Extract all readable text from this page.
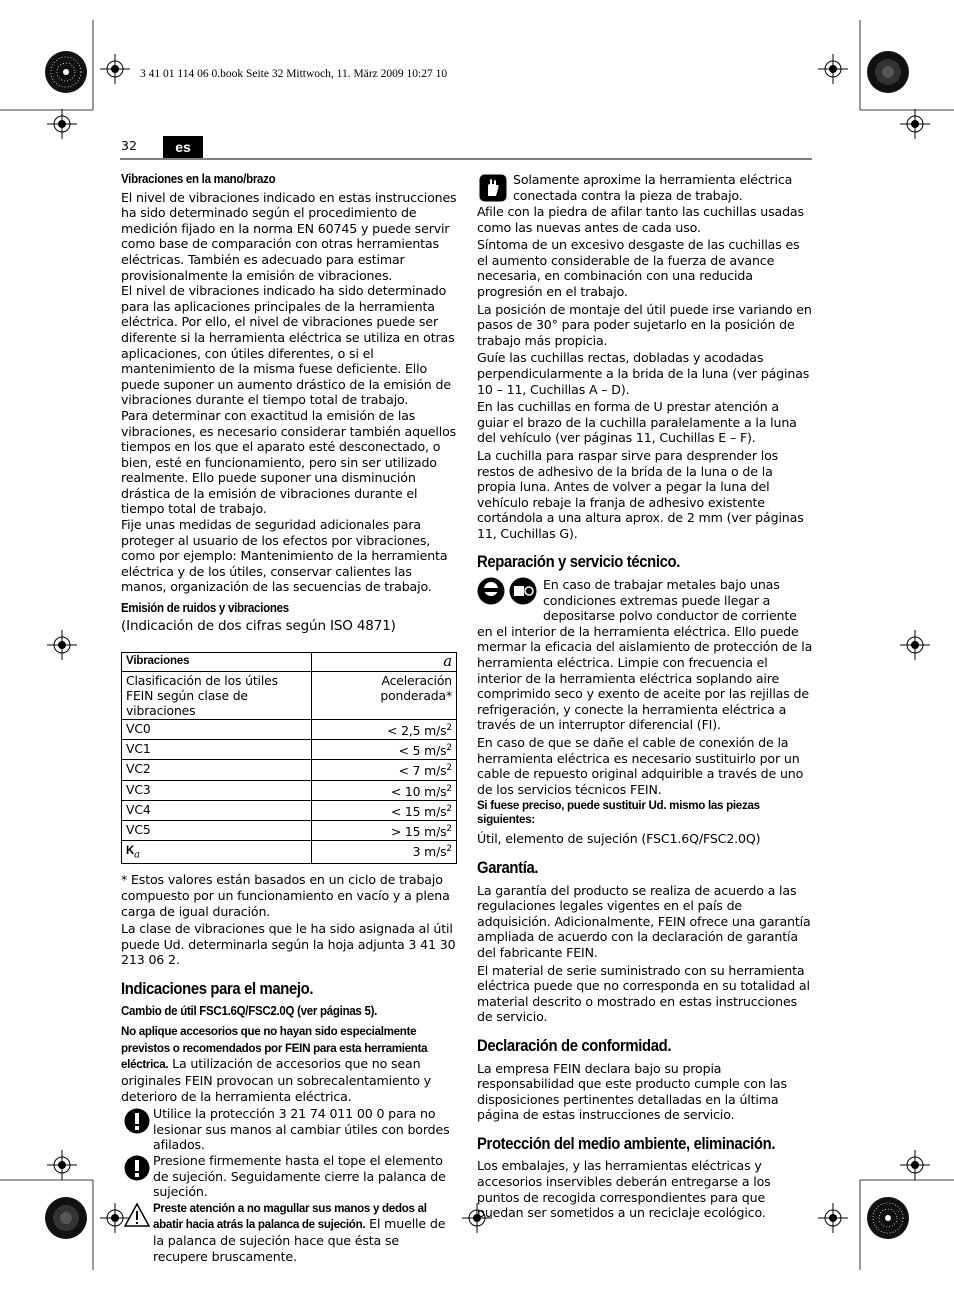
3 41 01 114 06 0.book Seite 32 Mittwoch, 11. März 2009 10:27 10
32	es
Vibraciones en la mano/brazo

El nivel de vibraciones indicado en estas instrucciones ha sido determinado según el procedimiento de medición fijado en la norma EN 60745 y puede servir como base de comparación con otras herramientas eléctricas. También es adecuado para estimar provisionalmente la emisión de vibraciones.

El nivel de vibraciones indicado ha sido determinado para las aplicaciones principales de la herramienta eléctrica. Por ello, el nivel de vibraciones puede ser diferente si la herramienta eléctrica se utiliza en otras aplicaciones, con útiles diferentes, o si el mantenimiento de la misma fuese deficiente. Ello puede suponer un aumento drástico de la emisión de vibraciones durante el tiempo total de trabajo.

Para determinar con exactitud la emisión de las vibraciones, es necesario considerar también aquellos tiempos en los que el aparato esté desconectado, o bien, esté en funcionamiento, pero sin ser utilizado realmente. Ello puede suponer una disminución drástica de la emisión de vibraciones durante el tiempo total de trabajo.

Fije unas medidas de seguridad adicionales para proteger al usuario de los efectos por vibraciones, como por ejemplo: Mantenimiento de la herramienta eléctrica y de los útiles, conservar calientes las manos, organización de las secuencias de trabajo.

Emisión de ruidos y vibraciones
(Indicación de dos cifras según ISO 4871)
Vibraciones	a
Clasificación de los útiles FEIN según clase de vibraciones	Aceleración ponderada*
VC0	< 2,5 $m/s^2$
VC1	< 5 $m/s^2$
VC2	< 7 $m/s^2$
VC3	< 10 $m/s^2$
VC4	< 15 $m/s^2$
VC5	> 15 $m/s^2$
$K_a$	3 $m/s^2$

* Estos valores están basados en un ciclo de trabajo compuesto por un funcionamiento en vacío y a plena carga de igual duración.

La clase de vibraciones que le ha sido asignada al útil puede Ud. determinarla según la hoja adjunta 3 41 30 213 06 2.

Indicaciones para el manejo.
Cambio de útil FSC1.6Q/FSC2.0Q (ver páginas 5).

No aplique accesorios que no hayan sido especialmente previstos o recomendados por FEIN para esta herramienta eléctrica. La utilización de accesorios que no sean originales FEIN provocan un sobrecalentamiento y deterioro de la herramienta eléctrica.

Utilice la protección 3 21 74 011 00 0 para no lesionar sus manos al cambiar útiles con bordes afilados.

Presione firmemente hasta el tope el elemento de sujeción. Seguidamente cierre la palanca de sujeción.

Preste atención a no magullar sus manos y dedos al abatir hacia atrás la palanca de sujeción. El muelle de la palanca de sujeción hace que ésta se recupere bruscamente.

Solamente aproxime la herramienta eléctrica conectada contra la pieza de trabajo.

Afile con la piedra de afilar tanto las cuchillas usadas como las nuevas antes de cada uso.

Síntoma de un excesivo desgaste de las cuchillas es el aumento considerable de la fuerza de avance necesaria, en combinación con una reducida progresión en el trabajo.

La posición de montaje del útil puede irse variando en pasos de 30° para poder sujetarlo en la posición de trabajo más propicia.

Guíe las cuchillas rectas, dobladas y acodadas perpendicularmente a la brida de la luna (ver páginas 10 – 11, Cuchillas A – D).

En las cuchillas en forma de U prestar atención a guiar el brazo de la cuchilla paralelamente a la luna del vehículo (ver páginas 11, Cuchillas E – F).

La cuchilla para raspar sirve para desprender los restos de adhesivo de la brida de la luna o de la propia luna. Antes de volver a pegar la luna del vehículo rebaje la franja de adhesivo existente cortándola a una altura aprox. de 2 mm (ver páginas 11, Cuchillas G).

Reparación y servicio técnico.

En caso de trabajar metales bajo unas condiciones extremas puede llegar a depositarse polvo conductor de corriente en el interior de la herramienta eléctrica. Ello puede mermar la eficacia del aislamiento de protección de la herramienta eléctrica. Limpie con frecuencia el interior de la herramienta eléctrica soplando aire comprimido seco y exento de aceite por las rejillas de refrigeración, y conecte la herramienta eléctrica a través de un interruptor diferencial (FI).

En caso de que se dañe el cable de conexión de la herramienta eléctrica es necesario sustituirlo por un cable de repuesto original adquirible a través de uno de los servicios técnicos FEIN.

Si fuese preciso, puede sustituir Ud. mismo las piezas siguientes:

Útil, elemento de sujeción (FSC1.6Q/FSC2.0Q)

Garantía.

La garantía del producto se realiza de acuerdo a las regulaciones legales vigentes en el país de adquisición. Adicionalmente, FEIN ofrece una garantía ampliada de acuerdo con la declaración de garantía del fabricante FEIN.

El material de serie suministrado con su herramienta eléctrica puede que no corresponda en su totalidad al material descrito o mostrado en estas instrucciones de servicio.

Declaración de conformidad.

La empresa FEIN declara bajo su propia responsabilidad que este producto cumple con las disposiciones pertinentes detalladas en la última página de estas instrucciones de servicio.

Protección del medio ambiente, eliminación.

Los embalajes, y las herramientas eléctricas y accesorios inservibles deberán entregarse a los puntos de recogida correspondientes para que puedan ser sometidos a un reciclaje ecológico.
